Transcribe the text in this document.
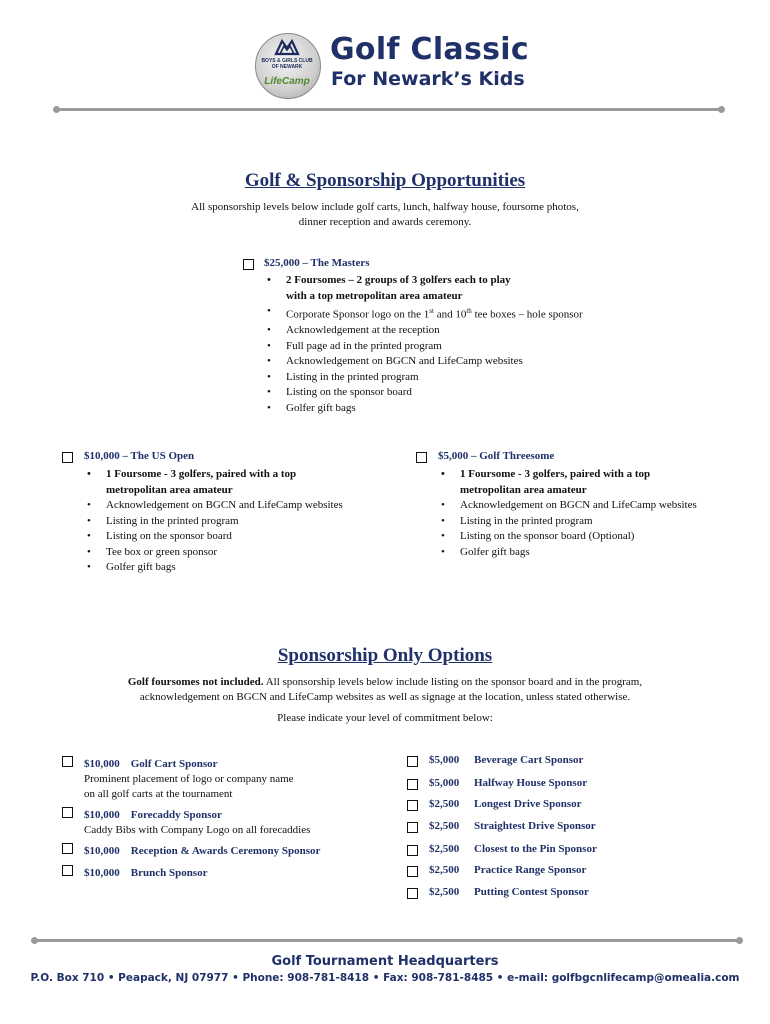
BOYS & GIRLS CLUB
OF NEWARK
LifeCamp
Golf Classic
For Newark’s Kids
Golf & Sponsorship Opportunities
All sponsorship levels below include golf carts, lunch, halfway house, foursome photos,
dinner reception and awards ceremony.
$25,000 – The Masters
• 2 Foursomes – 2 groups of 3 golfers each to play
with a top metropolitan area amateur
• Corporate Sponsor logo on the 1st and 10th tee boxes – hole sponsor
• Acknowledgement at the reception
• Full page ad in the printed program
• Acknowledgement on BGCN and LifeCamp websites
• Listing in the printed program
• Listing on the sponsor board
• Golfer gift bags
$10,000 – The US Open
• 1 Foursome - 3 golfers, paired with a top
metropolitan area amateur
• Acknowledgement on BGCN and LifeCamp websites
• Listing in the printed program
• Listing on the sponsor board
• Tee box or green sponsor
• Golfer gift bags
$5,000 – Golf Threesome
• 1 Foursome - 3 golfers, paired with a top
metropolitan area amateur
• Acknowledgement on BGCN and LifeCamp websites
• Listing in the printed program
• Listing on the sponsor board (Optional)
• Golfer gift bags
Sponsorship Only Options
Golf foursomes not included. All sponsorship levels below include listing on the sponsor board and in the program,
acknowledgement on BGCN and LifeCamp websites as well as signage at the location, unless stated otherwise.
Please indicate your level of commitment below:
$10,000 Golf Cart Sponsor
Prominent placement of logo or company name
on all golf carts at the tournament
$10,000 Forecaddy Sponsor
Caddy Bibs with Company Logo on all forecaddies
$10,000 Reception & Awards Ceremony Sponsor
$10,000 Brunch Sponsor
$5,000 Beverage Cart Sponsor
$5,000 Halfway House Sponsor
$2,500 Longest Drive Sponsor
$2,500 Straightest Drive Sponsor
$2,500 Closest to the Pin Sponsor
$2,500 Practice Range Sponsor
$2,500 Putting Contest Sponsor
Golf Tournament Headquarters
P.O. Box 710 • Peapack, NJ 07977 • Phone: 908-781-8418 • Fax: 908-781-8485 • e-mail: golfbgcnlifecamp@omealia.com
